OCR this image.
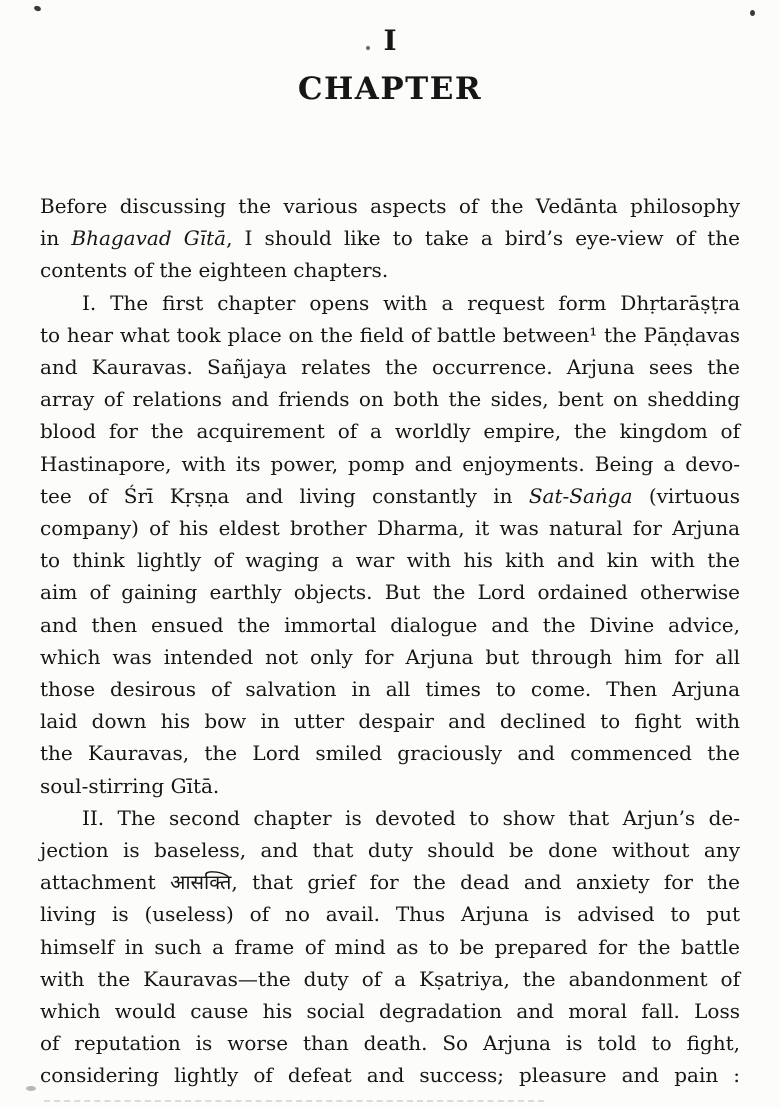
I
CHAPTER
Before discussing the various aspects of the Vedānta philosophy
in Bhagavad Gītā, I should like to take a bird’s eye-view of the
contents of the eighteen chapters.
I. The first chapter opens with a request form Dhṛtarāṣṭra
to hear what took place on the field of battle between¹ the Pāṇḍavas
and Kauravas. Sañjaya relates the occurrence. Arjuna sees the
array of relations and friends on both the sides, bent on shedding
blood for the acquirement of a worldly empire, the kingdom of
Hastinapore, with its power, pomp and enjoyments. Being a devo-
tee of Śrī Kṛṣṇa and living constantly in Sat-Saṅga (virtuous
company) of his eldest brother Dharma, it was natural for Arjuna
to think lightly of waging a war with his kith and kin with the
aim of gaining earthly objects. But the Lord ordained otherwise
and then ensued the immortal dialogue and the Divine advice,
which was intended not only for Arjuna but through him for all
those desirous of salvation in all times to come. Then Arjuna
laid down his bow in utter despair and declined to fight with
the Kauravas, the Lord smiled graciously and commenced the
soul-stirring Gītā.
II. The second chapter is devoted to show that Arjun’s de-
jection is baseless, and that duty should be done without any
attachment आसक्ति, that grief for the dead and anxiety for the
living is (useless) of no avail. Thus Arjuna is advised to put
himself in such a frame of mind as to be prepared for the battle
with the Kauravas—the duty of a Kṣatriya, the abandonment of
which would cause his social degradation and moral fall. Loss
of reputation is worse than death. So Arjuna is told to fight,
considering lightly of defeat and success; pleasure and pain :
